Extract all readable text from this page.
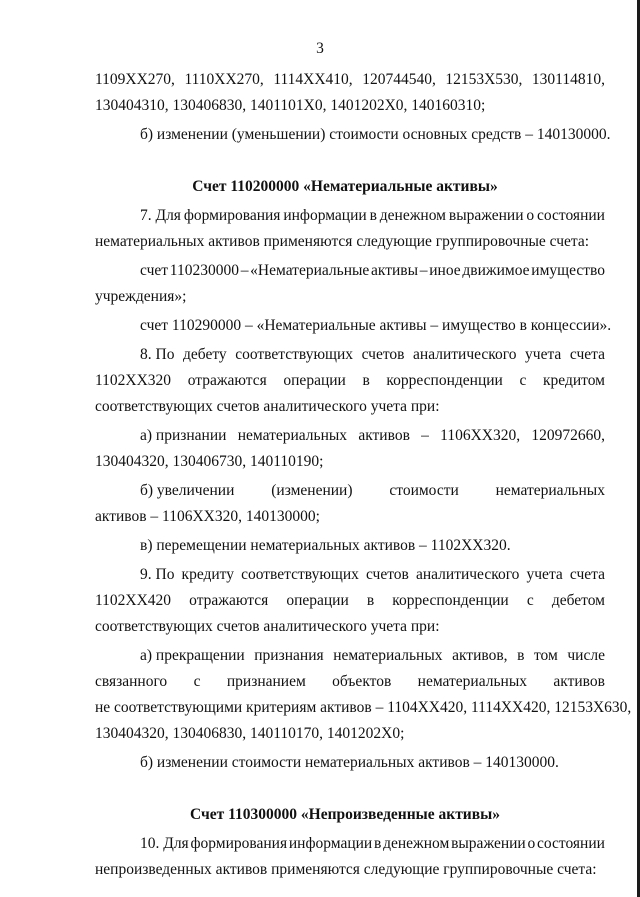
3
1109XX270, 1110XX270, 1114XX410, 120744540, 12153X530, 130114810,
130404310, 130406830, 1401101X0, 1401202X0, 140160310;
б) изменении (уменьшении) стоимости основных средств – 140130000.
Счет 110200000 «Нематериальные активы»
7. Для формирования информации в денежном выражении о состоянии
нематериальных активов применяются следующие группировочные счета:
счет 110230000 – «Нематериальные активы – иное движимое имущество
учреждения»;
счет 110290000 – «Нематериальные активы – имущество в концессии».
8. По дебету соответствующих счетов аналитического учета счета
1102XX320 отражаются операции в корреспонденции с кредитом
соответствующих счетов аналитического учета при:
а) признании нематериальных активов – 1106XX320, 120972660,
130404320, 130406730, 140110190;
б) увеличении (изменении) стоимости нематериальных
активов – 1106XX320, 140130000;
в) перемещении нематериальных активов – 1102XX320.
9. По кредиту соответствующих счетов аналитического учета счета
1102XX420 отражаются операции в корреспонденции с дебетом
соответствующих счетов аналитического учета при:
а) прекращении признания нематериальных активов, в том числе
связанного с признанием объектов нематериальных активов
не соответствующими критериям активов – 1104XX420, 1114XX420, 12153X630,
130404320, 130406830, 140110170, 1401202X0;
б) изменении стоимости нематериальных активов – 140130000.
Счет 110300000 «Непроизведенные активы»
10. Для формирования информации в денежном выражении о состоянии
непроизведенных активов применяются следующие группировочные счета:
